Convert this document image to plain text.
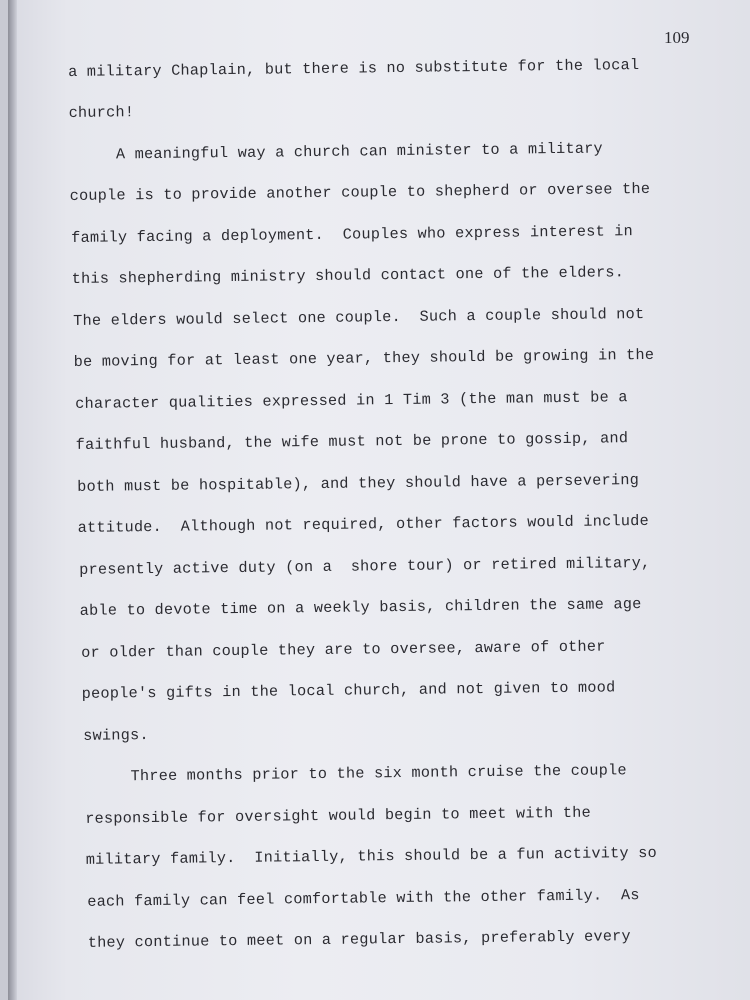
109
a military Chaplain, but there is no substitute for the local
church!
A meaningful way a church can minister to a military
couple is to provide another couple to shepherd or oversee the
family facing a deployment.  Couples who express interest in
this shepherding ministry should contact one of the elders.
The elders would select one couple.  Such a couple should not
be moving for at least one year, they should be growing in the
character qualities expressed in 1 Tim 3 (the man must be a
faithful husband, the wife must not be prone to gossip, and
both must be hospitable), and they should have a persevering
attitude.  Although not required, other factors would include
presently active duty (on a  shore tour) or retired military,
able to devote time on a weekly basis, children the same age
or older than couple they are to oversee, aware of other
people's gifts in the local church, and not given to mood
swings.
Three months prior to the six month cruise the couple
responsible for oversight would begin to meet with the
military family.  Initially, this should be a fun activity so
each family can feel comfortable with the other family.  As
they continue to meet on a regular basis, preferably every
